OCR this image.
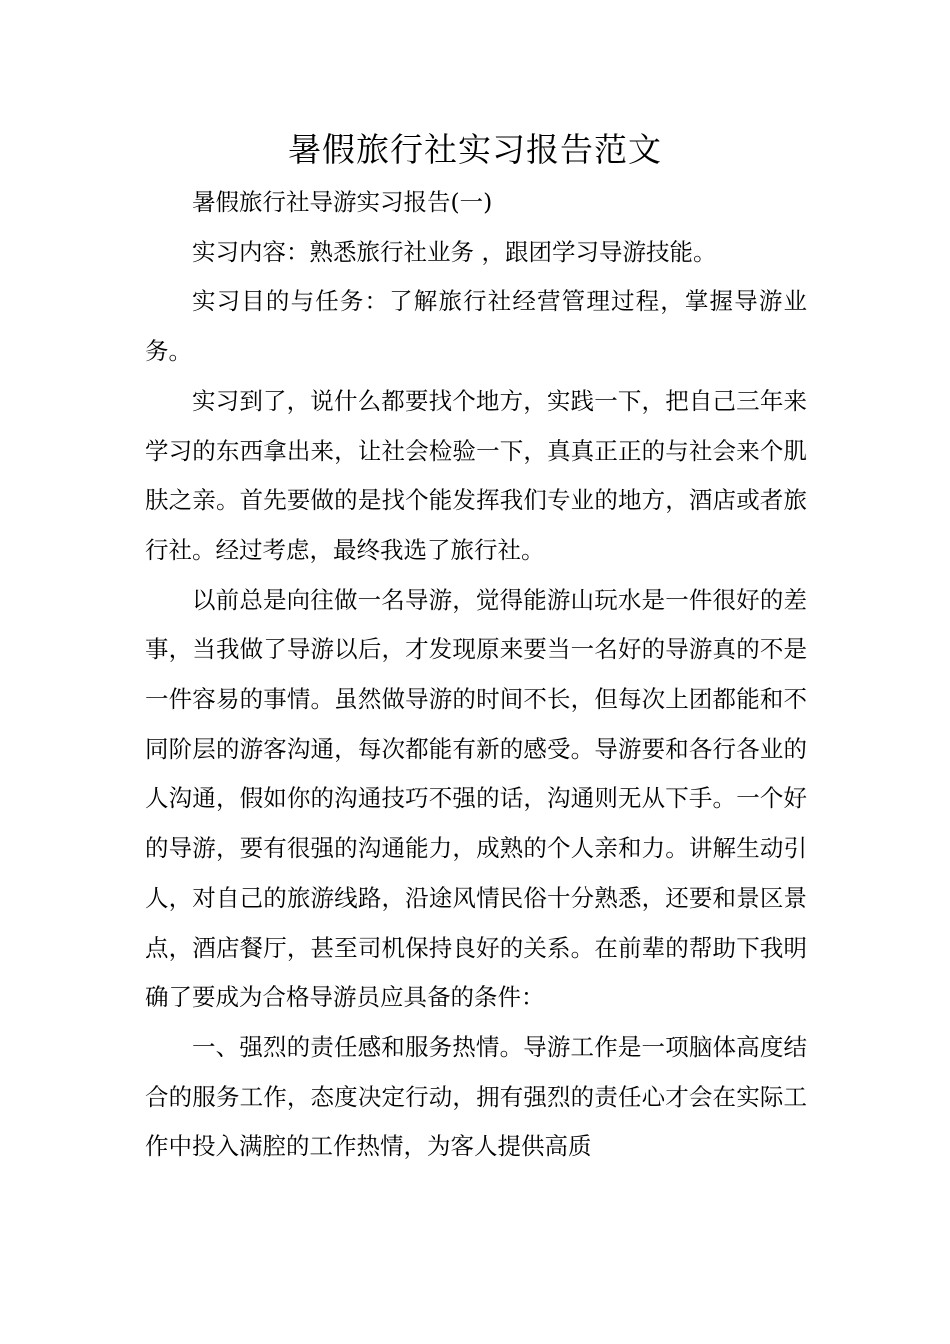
暑假旅行社实习报告范文

暑假旅行社导游实习报告(一)

实习内容：熟悉旅行社业务 ，跟团学习导游技能。

实习目的与任务：了解旅行社经营管理过程，掌握导游业务。

实习到了，说什么都要找个地方，实践一下，把自己三年来学习的东西拿出来，让社会检验一下，真真正正的与社会来个肌肤之亲。首先要做的是找个能发挥我们专业的地方，酒店或者旅行社。经过考虑，最终我选了旅行社。

以前总是向往做一名导游，觉得能游山玩水是一件很好的差事，当我做了导游以后，才发现原来要当一名好的导游真的不是一件容易的事情。虽然做导游的时间不长，但每次上团都能和不同阶层的游客沟通，每次都能有新的感受。导游要和各行各业的人沟通，假如你的沟通技巧不强的话，沟通则无从下手。一个好的导游，要有很强的沟通能力，成熟的个人亲和力。讲解生动引人，对自己的旅游线路，沿途风情民俗十分熟悉，还要和景区景点，酒店餐厅，甚至司机保持良好的关系。在前辈的帮助下我明确了要成为合格导游员应具备的条件：

一、强烈的责任感和服务热情。导游工作是一项脑体高度结合的服务工作，态度决定行动，拥有强烈的责任心才会在实际工作中投入满腔的工作热情，为客人提供高质
